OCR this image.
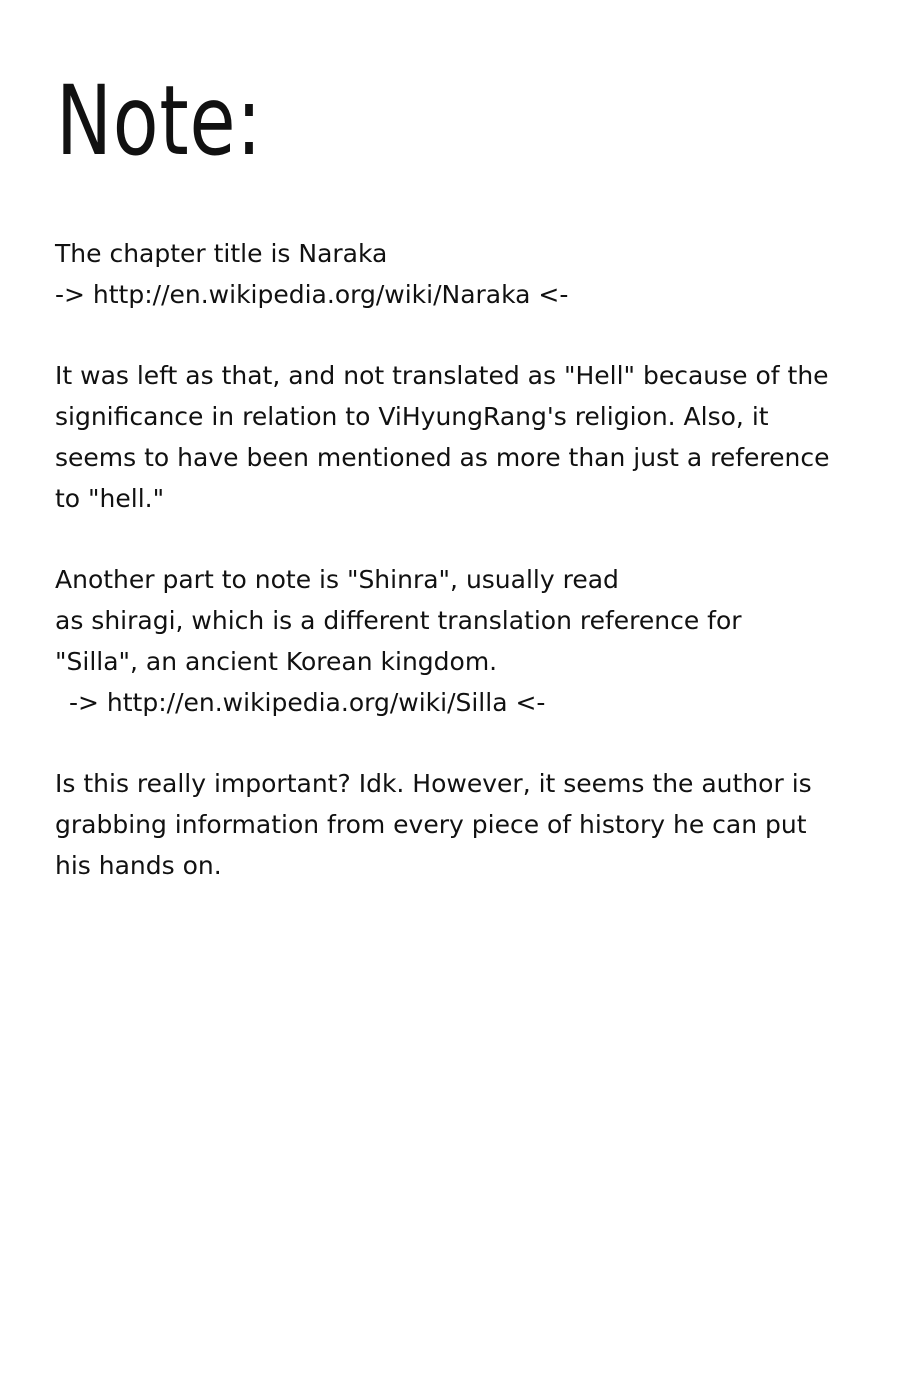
Note:

The chapter title is Naraka
-> http://en.wikipedia.org/wiki/Naraka <-

It was left as that, and not translated as "Hell" because of the
significance in relation to ViHyungRang's religion. Also, it
seems to have been mentioned as more than just a reference
to "hell."

Another part to note is "Shinra", usually read
as shiragi, which is a different translation reference for
"Silla", an ancient Korean kingdom.
-> http://en.wikipedia.org/wiki/Silla <-

Is this really important? Idk. However, it seems the author is
grabbing information from every piece of history he can put
his hands on.
